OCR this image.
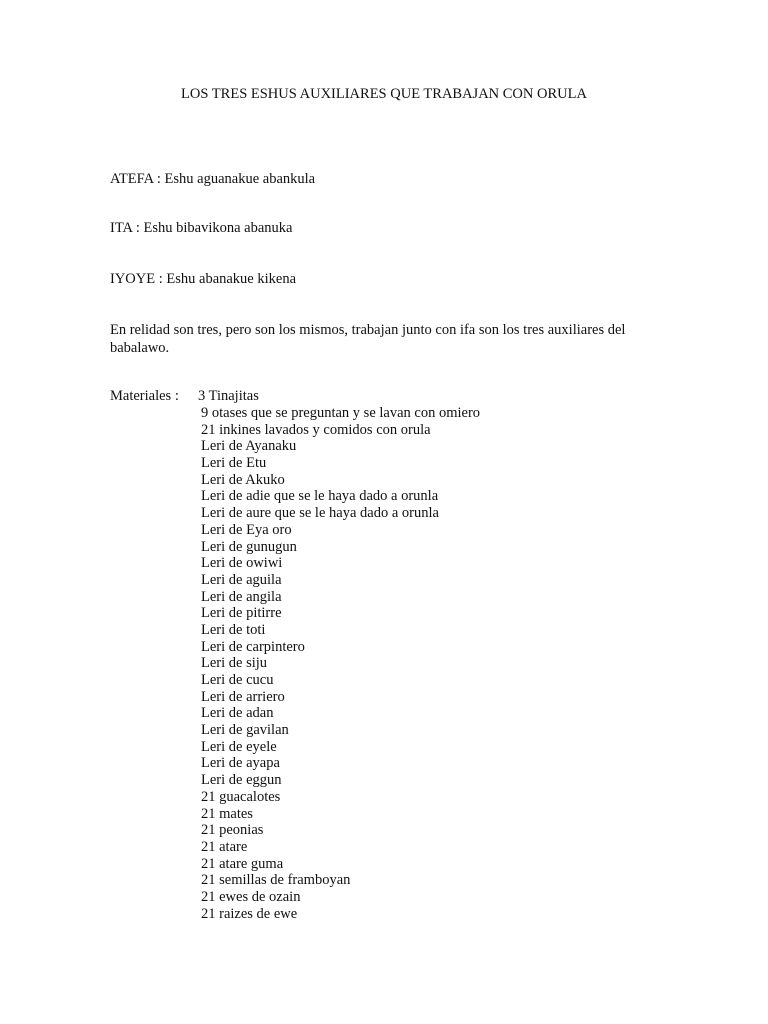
LOS TRES ESHUS AUXILIARES QUE TRABAJAN CON ORULA
ATEFA : Eshu aguanakue abankula
ITA : Eshu bibavikona abanuka
IYOYE : Eshu abanakue kikena
En relidad son tres, pero son los mismos, trabajan junto con ifa son los tres auxiliares del babalawo.
Materiales : 3 Tinajitas
9 otases que se preguntan y se lavan con omiero
21 inkines lavados y comidos con orula
Leri de Ayanaku
Leri de Etu
Leri de Akuko
Leri de adie que se le haya dado a orunla
Leri de aure que se le haya dado a orunla
Leri de Eya oro
Leri de gunugun
Leri de owiwi
Leri de aguila
Leri de angila
Leri de pitirre
Leri de toti
Leri de carpintero
Leri de siju
Leri de cucu
Leri de arriero
Leri de adan
Leri de gavilan
Leri de eyele
Leri de ayapa
Leri de eggun
21 guacalotes
21 mates
21 peonias
21 atare
21 atare guma
21 semillas de framboyan
21 ewes de ozain
21 raizes de ewe
